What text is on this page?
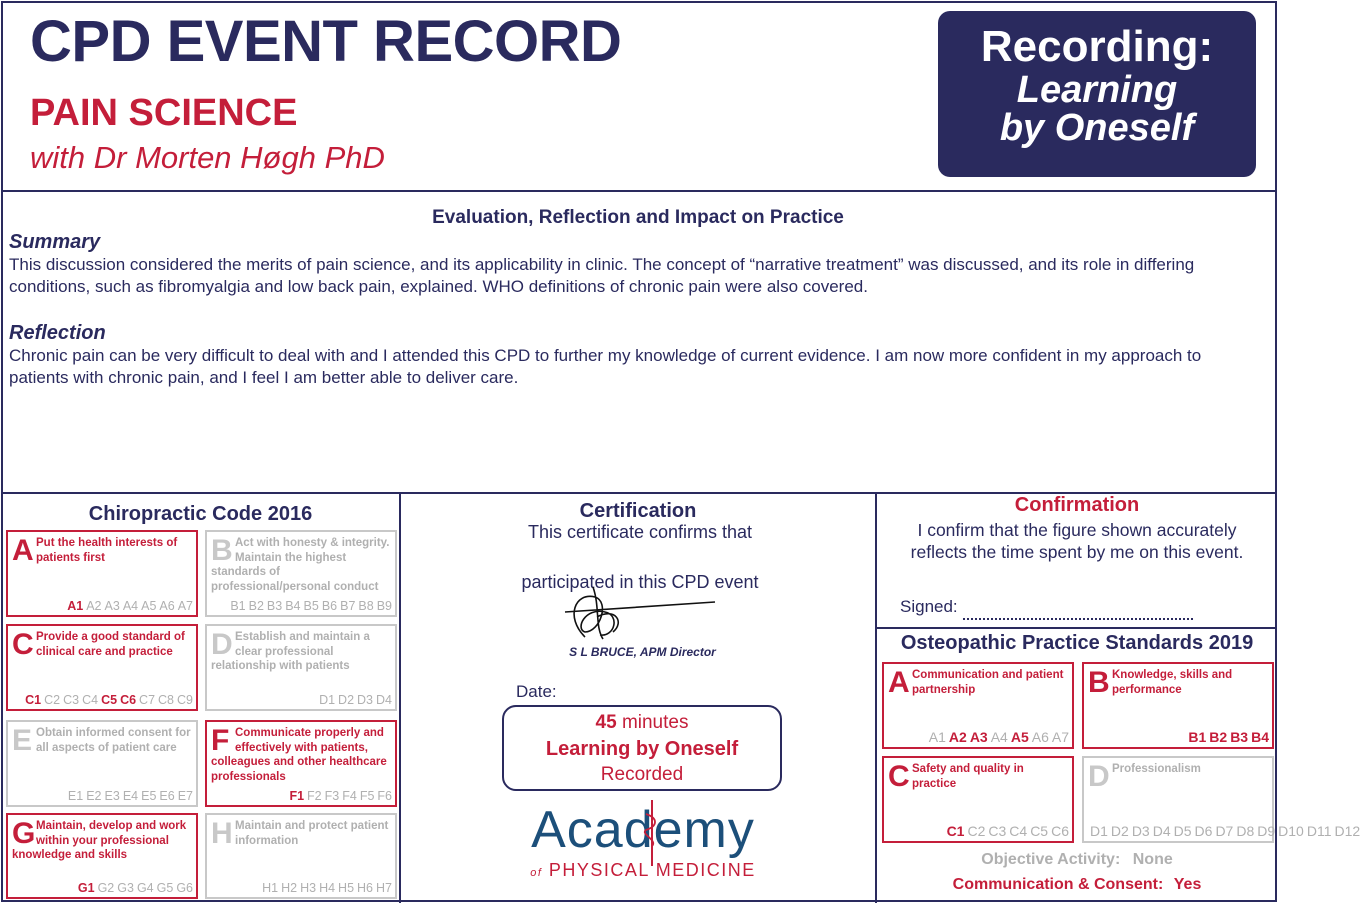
CPD EVENT RECORD
PAIN SCIENCE
with Dr Morten Høgh PhD
Recording:
Learning
by Oneself
Evaluation, Reflection and Impact on Practice
Summary
This discussion considered the merits of pain science, and its applicability in clinic. The concept of “narrative treatment” was discussed, and its role in differing conditions, such as fibromyalgia and low back pain, explained. WHO definitions of chronic pain were also covered.
Reflection
Chronic pain can be very difficult to deal with and I attended this CPD to further my knowledge of current evidence. I am now more confident in my approach to patients with chronic pain, and I feel I am better able to deliver care.
Chiropractic Code 2016
A Put the health interests of patients first
A1 A2 A3 A4 A5 A6 A7
B Act with honesty & integrity. Maintain the highest standards of professional/personal conduct
B1 B2 B3 B4 B5 B6 B7 B8 B9
C Provide a good standard of clinical care and practice
C1 C2 C3 C4 C5 C6 C7 C8 C9
D Establish and maintain a clear professional relationship with patients
D1 D2 D3 D4
E Obtain informed consent for all aspects of patient care
E1 E2 E3 E4 E5 E6 E7
F Communicate properly and effectively with patients, colleagues and other healthcare professionals
F1 F2 F3 F4 F5 F6
G Maintain, develop and work within your professional knowledge and skills
G1 G2 G3 G4 G5 G6
H Maintain and protect patient information
H1 H2 H3 H4 H5 H6 H7
Certification
This certificate confirms that
participated in this CPD event
S L BRUCE, APM Director
Date:
45 minutes
Learning by Oneself
Recorded
Academy
of PHYSICAL MEDICINE
Confirmation
I confirm that the figure shown accurately reflects the time spent by me on this event.
Signed:
Osteopathic Practice Standards 2019
A Communication and patient partnership
A1 A2 A3 A4 A5 A6 A7
B Knowledge, skills and performance
B1 B2 B3 B4
C Safety and quality in practice
C1 C2 C3 C4 C5 C6
D Professionalism
D1 D2 D3 D4 D5 D6 D7 D8 D9 D10 D11 D12
Objective Activity: None
Communication & Consent: Yes
